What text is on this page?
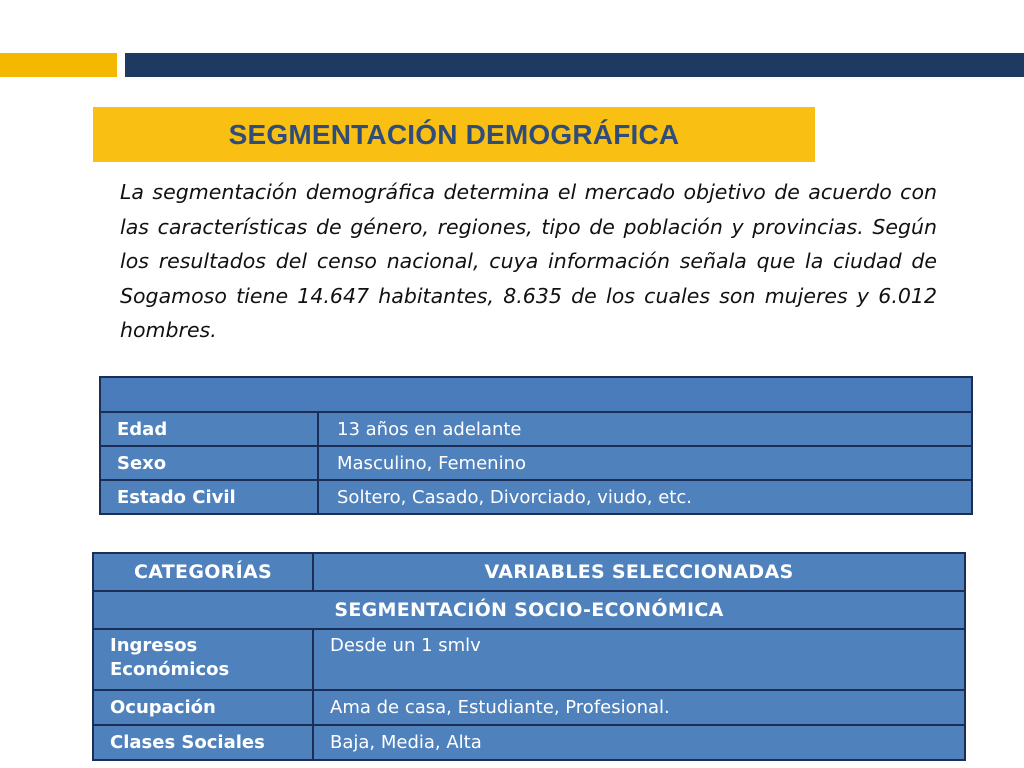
SEGMENTACIÓN DEMOGRÁFICA

La segmentación demográfica determina el mercado objetivo de acuerdo con las características de género, regiones, tipo de población y provincias. Según los resultados del censo nacional, cuya información señala que la ciudad de Sogamoso tiene 14.647 habitantes, 8.635 de los cuales son mujeres y 6.012 hombres.

Edad	13 años en adelante
Sexo	Masculino, Femenino
Estado Civil	Soltero, Casado, Divorciado, viudo, etc.
CATEGORÍAS	VARIABLES SELECCIONADAS
SEGMENTACIÓN SOCIO-ECONÓMICA	
Ingresos Económicos	Desde un 1 smlv
Ocupación	Ama de casa, Estudiante, Profesional.
Clases Sociales	Baja, Media, Alta
